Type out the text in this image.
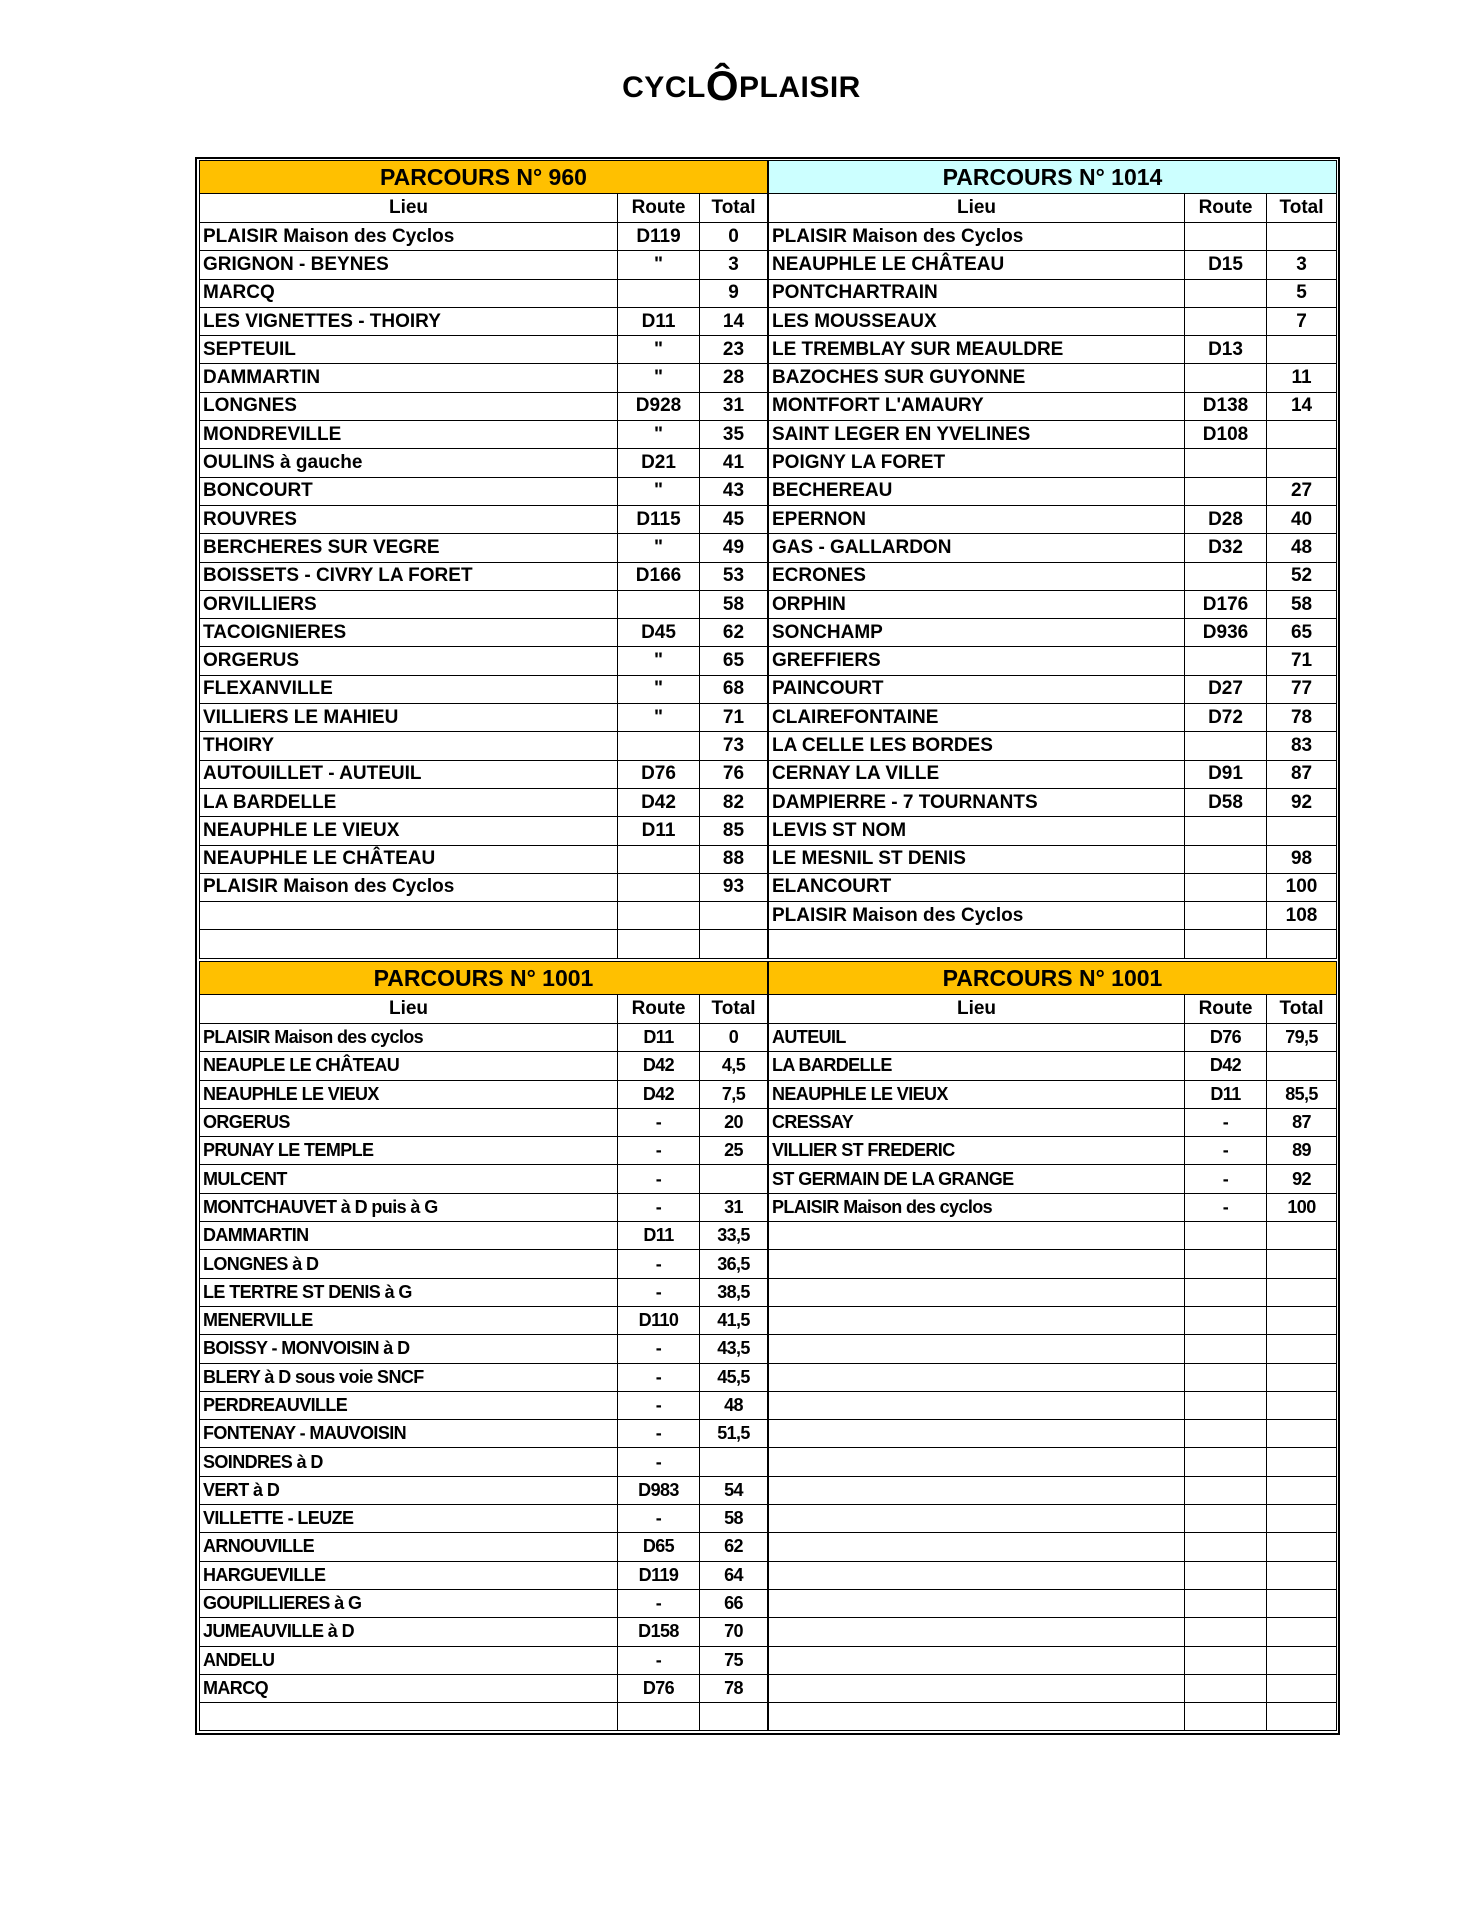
CYCLÔPLAISIR
PARCOURS N° 960		
Lieu	Route	Total
PLAISIR Maison des Cyclos	D119	0
GRIGNON - BEYNES	"	3
MARCQ		9
LES VIGNETTES - THOIRY	D11	14
SEPTEUIL	"	23
DAMMARTIN	"	28
LONGNES	D928	31
MONDREVILLE	"	35
OULINS à gauche	D21	41
BONCOURT	"	43
ROUVRES	D115	45
BERCHERES SUR VEGRE	"	49
BOISSETS - CIVRY LA FORET	D166	53
ORVILLIERS		58
TACOIGNIERES	D45	62
ORGERUS	"	65
FLEXANVILLE	"	68
VILLIERS LE MAHIEU	"	71
THOIRY		73
AUTOUILLET - AUTEUIL	D76	76
LA BARDELLE	D42	82
NEAUPHLE LE VIEUX	D11	85
NEAUPHLE LE CHÂTEAU		88
PLAISIR Maison des Cyclos		93

PARCOURS N° 1014		
Lieu	Route	Total
PLAISIR Maison des Cyclos		
NEAUPHLE LE CHÂTEAU	D15	3
PONTCHARTRAIN		5
LES MOUSSEAUX		7
LE TREMBLAY SUR MEAULDRE	D13	
BAZOCHES SUR GUYONNE		11
MONTFORT L'AMAURY	D138	14
SAINT LEGER EN YVELINES	D108	
POIGNY LA FORET		
BECHEREAU		27
EPERNON	D28	40
GAS - GALLARDON	D32	48
ECRONES		52
ORPHIN	D176	58
SONCHAMP	D936	65
GREFFIERS		71
PAINCOURT	D27	77
CLAIREFONTAINE	D72	78
LA CELLE LES BORDES		83
CERNAY LA VILLE	D91	87
DAMPIERRE - 7 TOURNANTS	D58	92
LEVIS ST NOM		
LE MESNIL ST DENIS		98
ELANCOURT		100
PLAISIR Maison des Cyclos		108

PARCOURS N° 1001		
Lieu	Route	Total
PLAISIR Maison des cyclos	D11	0
NEAUPLE LE CHÂTEAU	D42	4,5
NEAUPHLE LE VIEUX	D42	7,5
ORGERUS	-	20
PRUNAY LE TEMPLE	-	25
MULCENT	-	
MONTCHAUVET à D puis à G	-	31
DAMMARTIN	D11	33,5
LONGNES à D	-	36,5
LE TERTRE ST DENIS à G	-	38,5
MENERVILLE	D110	41,5
BOISSY - MONVOISIN à D	-	43,5
BLERY à D sous voie SNCF	-	45,5
PERDREAUVILLE	-	48
FONTENAY - MAUVOISIN	-	51,5
SOINDRES à D	-	
VERT à D	D983	54
VILLETTE - LEUZE	-	58
ARNOUVILLE	D65	62
HARGUEVILLE	D119	64
GOUPILLIERES à G	-	66
JUMEAUVILLE à D	D158	70
ANDELU	-	75
MARCQ	D76	78

PARCOURS N° 1001		
Lieu	Route	Total
AUTEUIL	D76	79,5
LA BARDELLE	D42	
NEAUPHLE LE VIEUX	D11	85,5
CRESSAY	-	87
VILLIER ST FREDERIC	-	89
ST GERMAIN DE LA GRANGE	-	92
PLAISIR Maison des cyclos	-	100
